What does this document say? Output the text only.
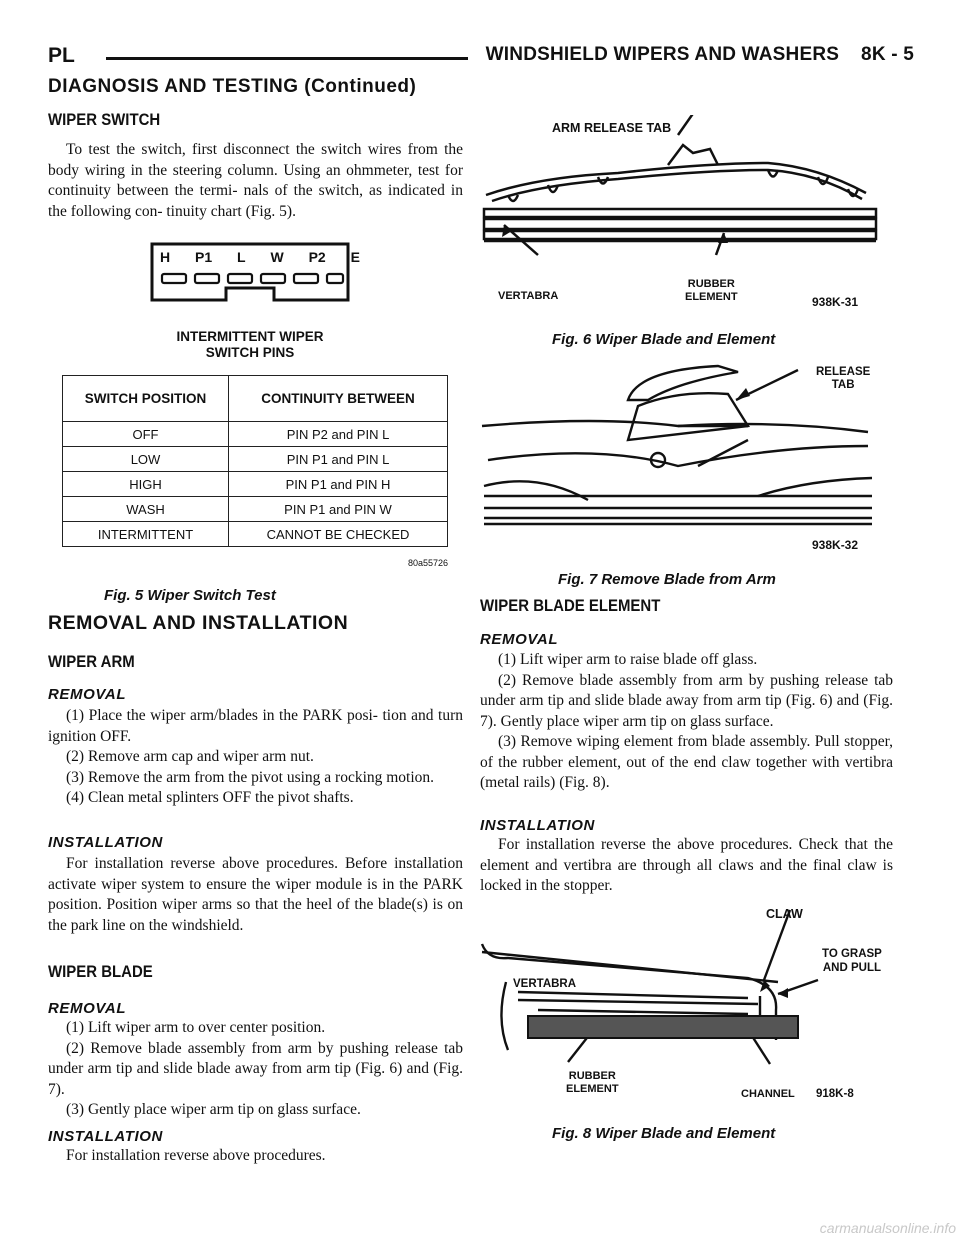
PL	WINDSHIELD WIPERS AND WASHERS 8K - 5
DIAGNOSIS AND TESTING (Continued)
WIPER SWITCH

To test the switch, first disconnect the switch wires from the body wiring in the steering column. Using an ohmmeter, test for continuity between the termi- nals of the switch, as indicated in the following con- tinuity chart (Fig. 5).

H P1 L W P2 E
INTERMITTENT WIPER
SWITCH PINS
SWITCH POSITION	CONTINUITY BETWEEN
OFF	PIN P2 and PIN L
LOW	PIN P1 and PIN L
HIGH	PIN P1 and PIN H
WASH	PIN P1 and PIN W
INTERMITTENT	CANNOT BE CHECKED
80a55726
Fig. 5 Wiper Switch Test
REMOVAL AND INSTALLATION
WIPER ARM
REMOVAL

(1) Place the wiper arm/blades in the PARK posi- tion and turn ignition OFF.

(2) Remove arm cap and wiper arm nut.

(3) Remove the arm from the pivot using a rocking motion.

(4) Clean metal splinters OFF the pivot shafts.

INSTALLATION

For installation reverse above procedures. Before installation activate wiper system to ensure the wiper module is in the PARK position. Position wiper arms so that the heel of the blade(s) is on the park line on the windshield.

WIPER BLADE
REMOVAL

(1) Lift wiper arm to over center position.

(2) Remove blade assembly from arm by pushing release tab under arm tip and slide blade away from arm tip (Fig. 6) and (Fig. 7).

(3) Gently place wiper arm tip on glass surface.

INSTALLATION

For installation reverse above procedures.

ARM RELEASE TAB
VERTABRA
RUBBER
ELEMENT	938K-31
Fig. 6 Wiper Blade and Element
RELEASE
TAB
938K-32
Fig. 7 Remove Blade from Arm
WIPER BLADE ELEMENT
REMOVAL

(1) Lift wiper arm to raise blade off glass.

(2) Remove blade assembly from arm by pushing release tab under arm tip and slide blade away from arm tip (Fig. 6) and (Fig. 7). Gently place wiper arm tip on glass surface.

(3) Remove wiping element from blade assembly. Pull stopper, of the rubber element, out of the end claw together with vertibra (metal rails) (Fig. 8).

INSTALLATION

For installation reverse the above procedures. Check that the element and vertibra are through all claws and the final claw is locked in the stopper.

CLAW
TO GRASP
AND PULL
VERTABRA
RUBBER
ELEMENT	CHANNEL 918K-8
Fig. 8 Wiper Blade and Element
carmanualsonline.info
